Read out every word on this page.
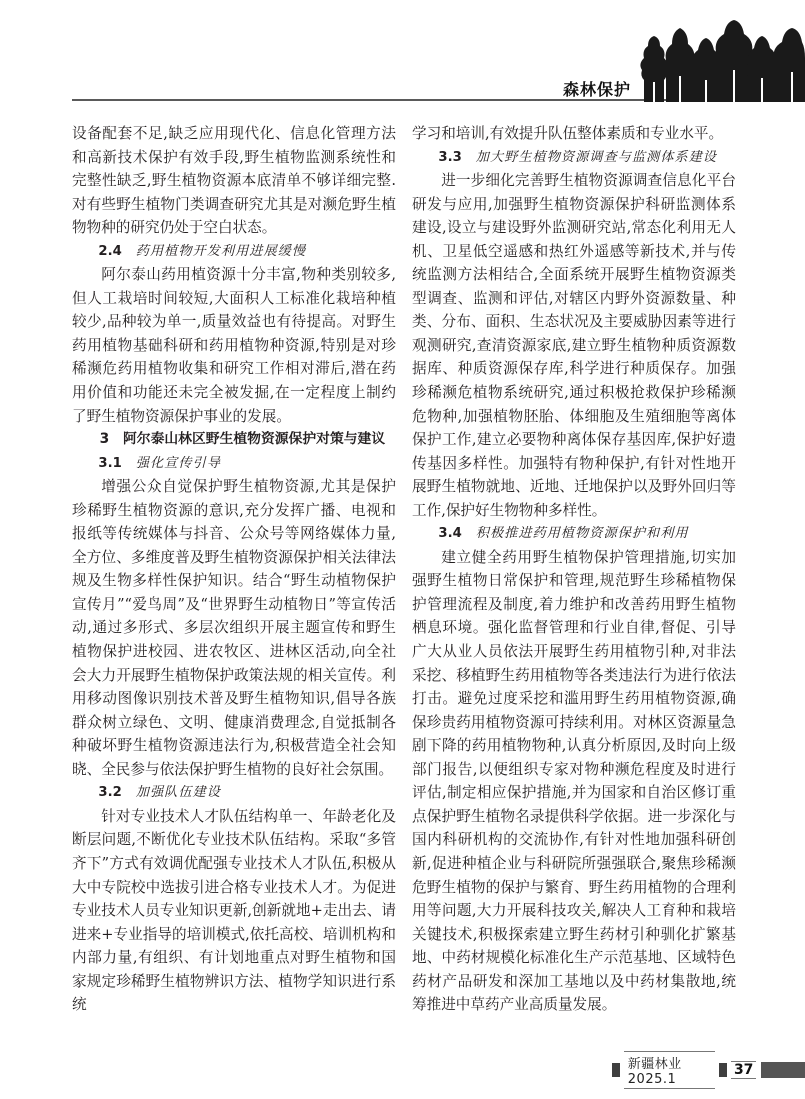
森林保护

设备配套不足,缺乏应用现代化、信息化管理方法和高新技术保护有效手段,野生植物监测系统性和完整性缺乏,野生植物资源本底清单不够详细完整. 对有些野生植物门类调查研究尤其是对濒危野生植物物种的研究仍处于空白状态。

2.4 药用植物开发利用进展缓慢

阿尔泰山药用植资源十分丰富,物种类别较多,但人工栽培时间较短,大面积人工标准化栽培种植较少,品种较为单一,质量效益也有待提高。对野生药用植物基础科研和药用植物种资源,特别是对珍稀濒危药用植物收集和研究工作相对滞后,潜在药用价值和功能还未完全被发掘,在一定程度上制约了野生植物资源保护事业的发展。

3　阿尔泰山林区野生植物资源保护对策与建议

3.1 强化宣传引导

增强公众自觉保护野生植物资源,尤其是保护珍稀野生植物资源的意识,充分发挥广播、电视和报纸等传统媒体与抖音、公众号等网络媒体力量,全方位、多维度普及野生植物资源保护相关法律法规及生物多样性保护知识。结合“野生动植物保护宣传月”“爱鸟周”及“世界野生动植物日”等宣传活动,通过多形式、多层次组织开展主题宣传和野生植物保护进校园、进农牧区、进林区活动,向全社会大力开展野生植物保护政策法规的相关宣传。利用移动图像识别技术普及野生植物知识,倡导各族群众树立绿色、文明、健康消费理念,自觉抵制各种破坏野生植物资源违法行为,积极营造全社会知晓、全民参与依法保护野生植物的良好社会氛围。

3.2 加强队伍建设

针对专业技术人才队伍结构单一、年龄老化及断层问题,不断优化专业技术队伍结构。采取“多管齐下”方式有效调优配强专业技术人才队伍,积极从大中专院校中选拔引进合格专业技术人才。为促进专业技术人员专业知识更新,创新就地+走出去、请进来+专业指导的培训模式,依托高校、培训机构和内部力量,有组织、有计划地重点对野生植物和国家规定珍稀野生植物辨识方法、植物学知识进行系统

学习和培训,有效提升队伍整体素质和专业水平。

3.3 加大野生植物资源调查与监测体系建设

进一步细化完善野生植物资源调查信息化平台研发与应用,加强野生植物资源保护科研监测体系建设,设立与建设野外监测研究站,常态化利用无人机、卫星低空遥感和热红外遥感等新技术,并与传统监测方法相结合,全面系统开展野生植物资源类型调查、监测和评估,对辖区内野外资源数量、种类、分布、面积、生态状况及主要威胁因素等进行观测研究,查清资源家底,建立野生植物种质资源数据库、种质资源保存库,科学进行种质保存。加强珍稀濒危植物系统研究,通过积极抢救保护珍稀濒危物种,加强植物胚胎、体细胞及生殖细胞等离体保护工作,建立必要物种离体保存基因库,保护好遗传基因多样性。加强特有物种保护,有针对性地开展野生植物就地、近地、迁地保护以及野外回归等工作,保护好生物物种多样性。

3.4 积极推进药用植物资源保护和利用

建立健全药用野生植物保护管理措施,切实加强野生植物日常保护和管理,规范野生珍稀植物保护管理流程及制度,着力维护和改善药用野生植物栖息环境。强化监督管理和行业自律,督促、引导广大从业人员依法开展野生药用植物引种,对非法采挖、移植野生药用植物等各类违法行为进行依法打击。避免过度采挖和滥用野生药用植物资源,确保珍贵药用植物资源可持续利用。对林区资源量急剧下降的药用植物物种,认真分析原因,及时向上级部门报告,以便组织专家对物种濒危程度及时进行评估,制定相应保护措施,并为国家和自治区修订重点保护野生植物名录提供科学依据。进一步深化与国内科研机构的交流协作,有针对性地加强科研创新,促进种植企业与科研院所强强联合,聚焦珍稀濒危野生植物的保护与繁育、野生药用植物的合理利用等问题,大力开展科技攻关,解决人工育种和栽培关键技术,积极探索建立野生药材引种驯化扩繁基地、中药材规模化标准化生产示范基地、区域特色药材产品研发和深加工基地以及中药材集散地,统筹推进中草药产业高质量发展。

新疆林业 2025.1
37
